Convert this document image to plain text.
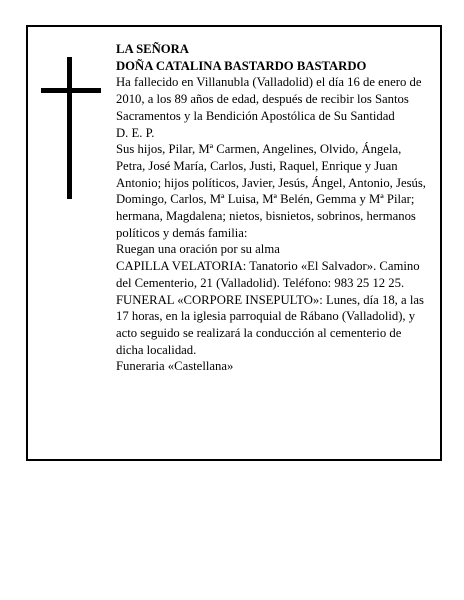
LA SEÑORA

DOÑA CATALINA BASTARDO BASTARDO

Ha fallecido en Villanubla (Valladolid) el día 16 de enero de 2010, a los 89 años de edad, después de recibir los Santos Sacramentos y la Bendición Apostólica de Su Santidad

D. E. P.

Sus hijos, Pilar, Mª Carmen, Angelines, Olvido, Ángela, Petra, José María, Carlos, Justi, Raquel, Enrique y Juan Antonio; hijos políticos, Javier, Jesús, Ángel, Antonio, Jesús, Domingo, Carlos, Mª Luisa, Mª Belén, Gemma y Mª Pilar; hermana, Magdalena; nietos, bisnietos, sobrinos, hermanos políticos y demás familia:

Ruegan una oración por su alma

CAPILLA VELATORIA: Tanatorio «El Salvador». Camino del Cementerio, 21 (Valladolid). Teléfono: 983 25 12 25.

FUNERAL «CORPORE INSEPULTO»: Lunes, día 18, a las 17 horas, en la iglesia parroquial de Rábano (Valladolid), y acto seguido se realizará la conducción al cementerio de dicha localidad.

Funeraria «Castellana»
